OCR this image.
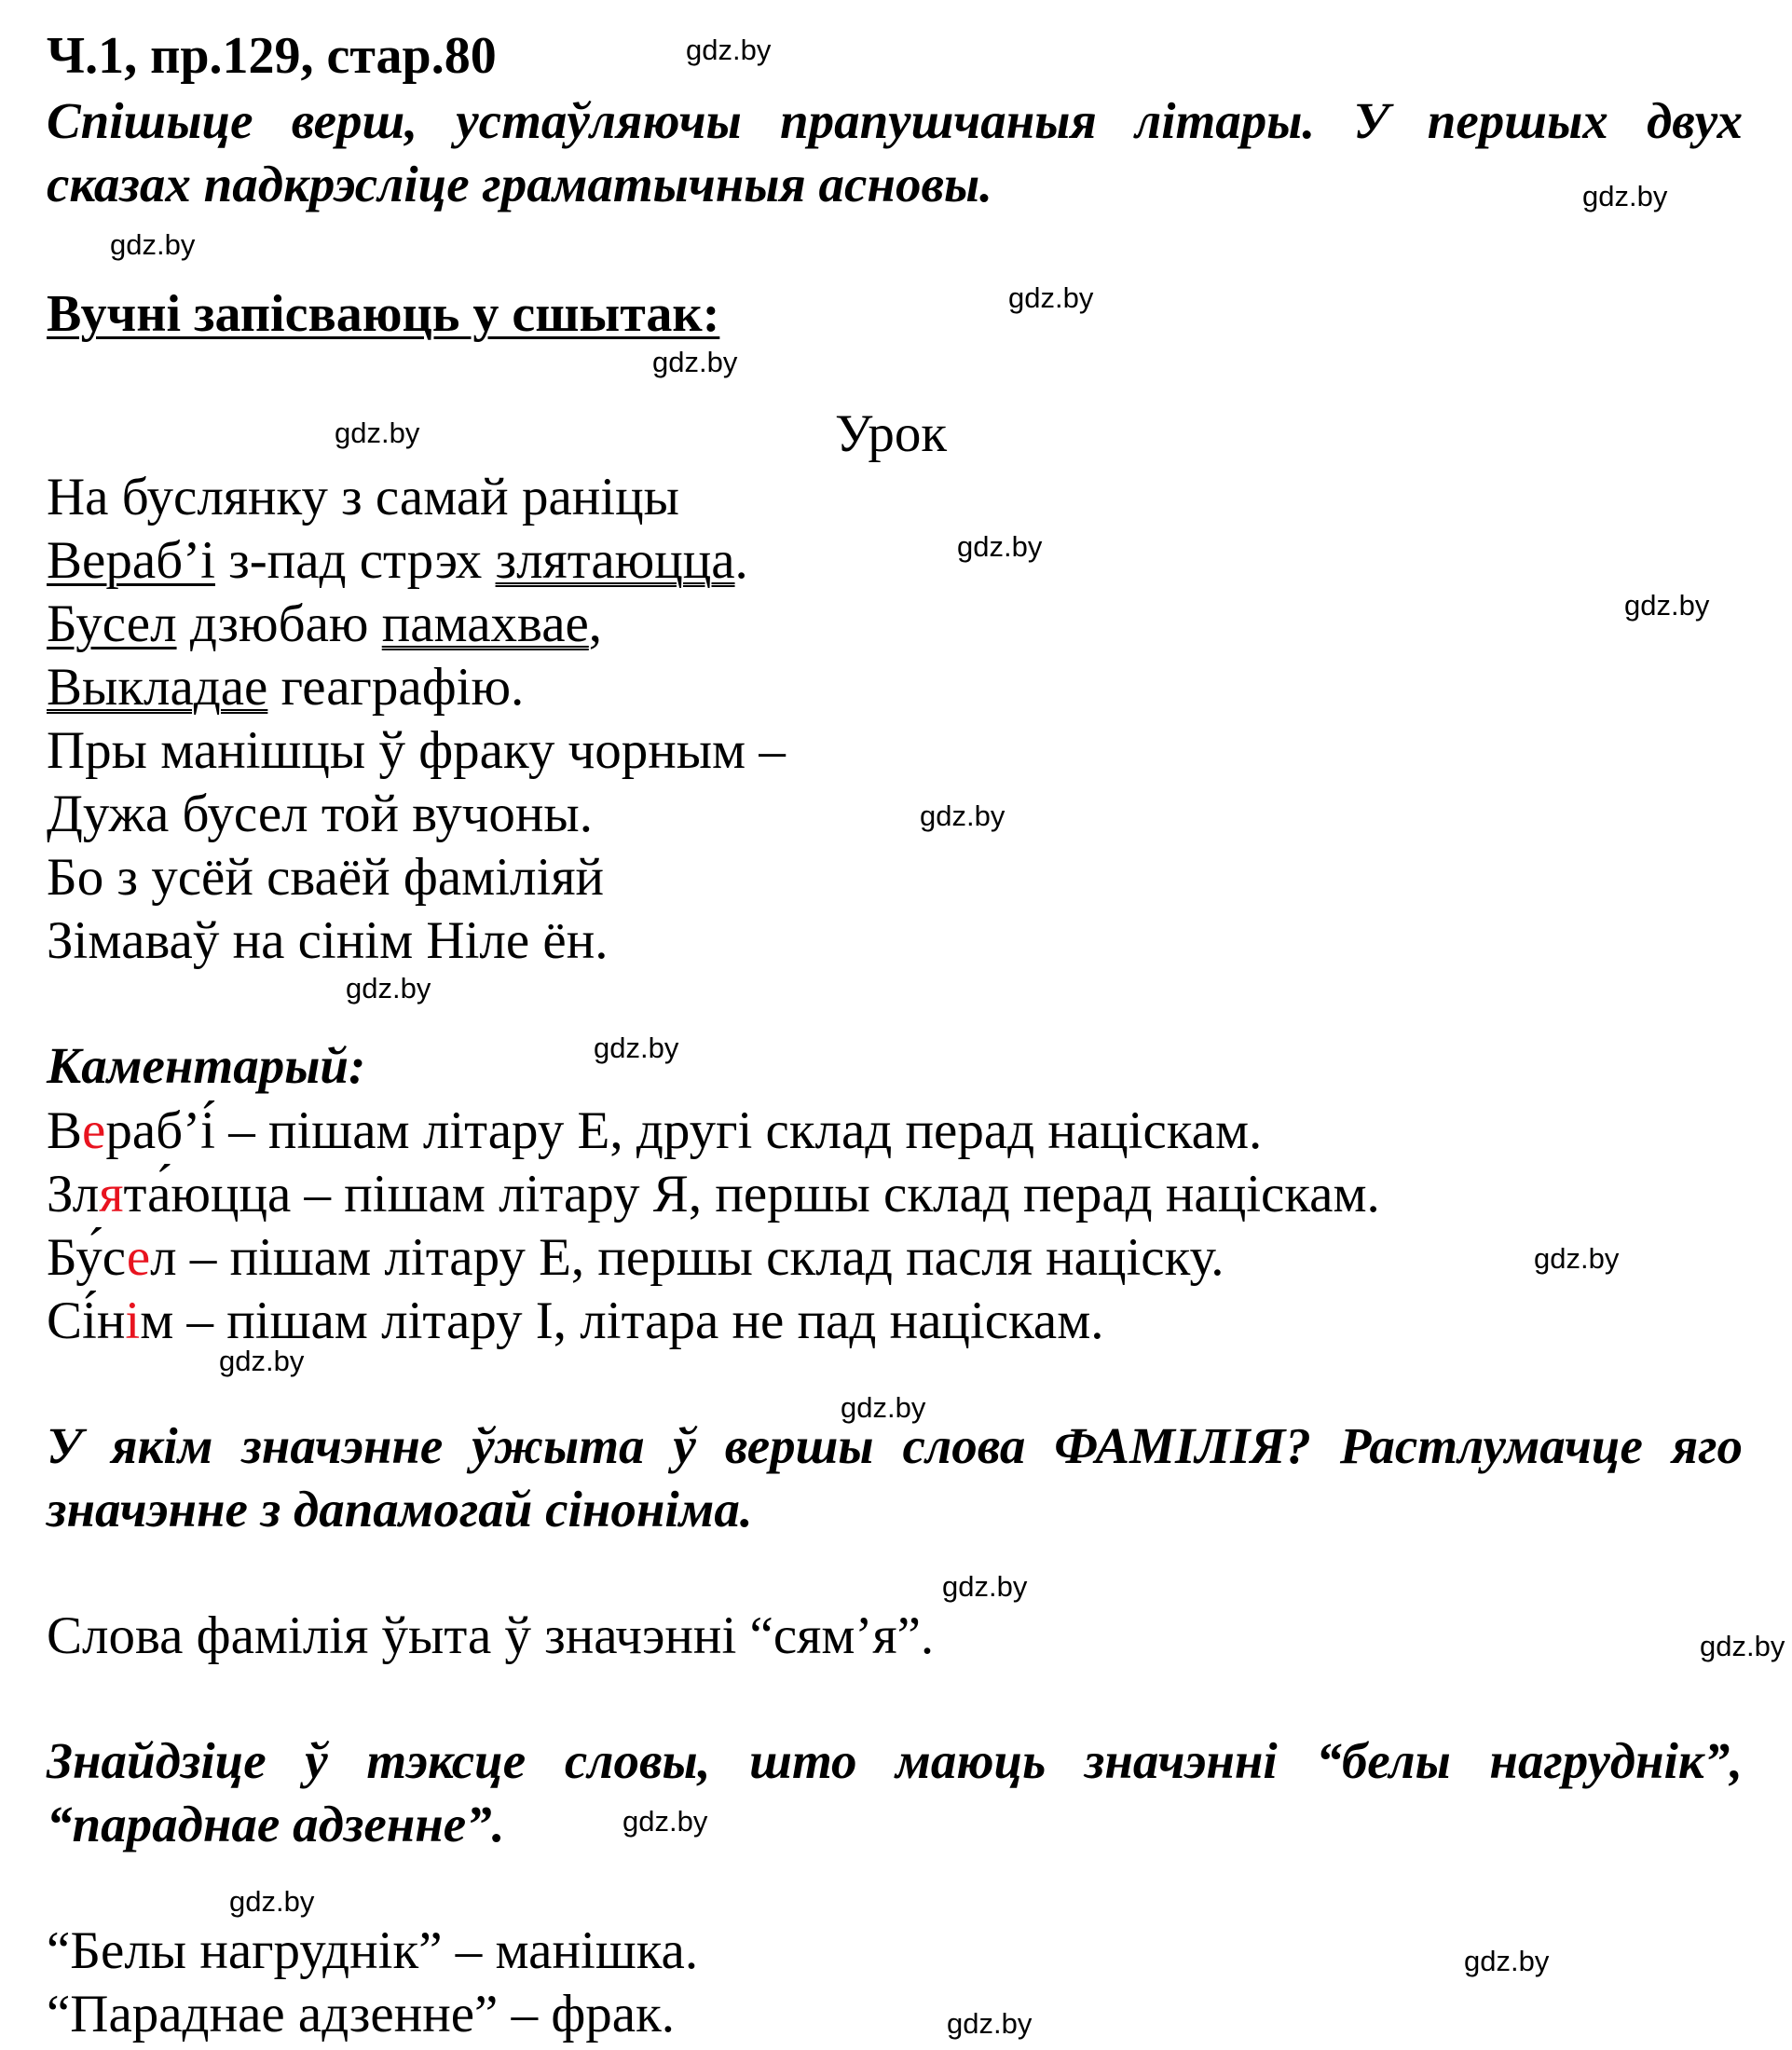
Ч.1, пр.129, стар.80
Спішыце верш, устаўляючы прапушчаныя літары. У першых двух
сказах падкрэсліце граматычныя асновы.
Вучні запісваюць у сшытак:
Урок
На буслянку з самай раніцы
Вераб’і з-пад стрэх злятаюцца.
Бусел дзюбаю памахвае,
Выкладае геаграфію.
Пры манішцы ў фраку чорным –
Дужа бусел той вучоны.
Бо з усёй сваёй фаміліяй
Зімаваў на сінім Ніле ён.
Каментарый:
Вераб’і́ – пішам літару Е, другі склад перад націскам.
Злята́юцца – пішам літару Я, першы склад перад націскам.
Бу́сел – пішам літару Е, першы склад пасля націску.
Сі́нім – пішам літару І, літара не пад націскам.
У якім значэнне ўжыта ў вершы слова ФАМІЛІЯ? Растлумачце яго
значэнне з дапамогай сіноніма.
Слова фамілія ўыта ў значэнні “сям’я”.
Знайдзіце ў тэксце словы, што маюць значэнні “белы нагруднік”,
“параднае адзенне”.
“Белы нагруднік” – манішка.
“Параднае адзенне” – фрак.
gdz.by
gdz.by
gdz.by
gdz.by
gdz.by
gdz.by
gdz.by
gdz.by
gdz.by
gdz.by
gdz.by
gdz.by
gdz.by
gdz.by
gdz.by
gdz.by
gdz.by
gdz.by
gdz.by
gdz.by
